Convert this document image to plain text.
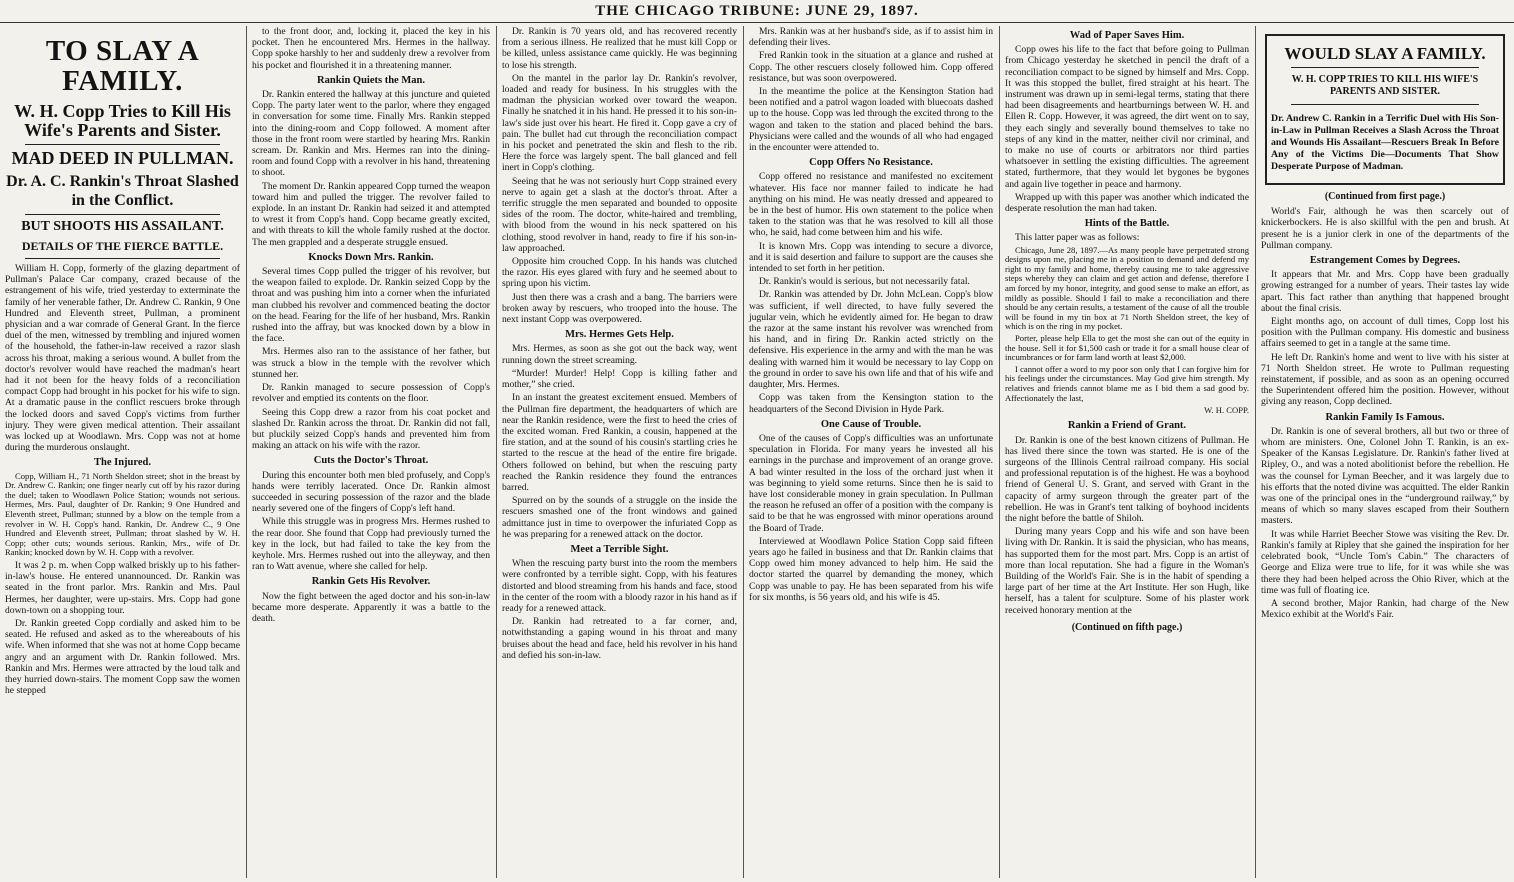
THE CHICAGO TRIBUNE: JUNE 29, 1897.
TO SLAY A FAMILY.
W. H. Copp Tries to Kill His Wife's Parents and Sister.
MAD DEED IN PULLMAN.
Dr. A. C. Rankin's Throat Slashed in the Conflict.
BUT SHOOTS HIS ASSAILANT.
DETAILS OF THE FIERCE BATTLE.

William H. Copp, formerly of the glazing department of Pullman's Palace Car company, crazed because of the estrangement of his wife, tried yesterday to exterminate the family of her venerable father, Dr. Andrew C. Rankin, 9 One Hundred and Eleventh street, Pullman, a prominent physician and a war comrade of General Grant. In the fierce duel of the men, witnessed by trembling and injured women of the household, the father-in-law received a razor slash across his throat, making a serious wound. A bullet from the doctor's revolver would have reached the madman's heart had it not been for the heavy folds of a reconciliation compact Copp had brought in his pocket for his wife to sign. At a dramatic pause in the conflict rescuers broke through the locked doors and saved Copp's victims from further injury. They were given medical attention. Their assailant was locked up at Woodlawn. Mrs. Copp was not at home during the murderous onslaught.

The Injured.

Copp, William H., 71 North Sheldon street; shot in the breast by Dr. Andrew C. Rankin; one finger nearly cut off by his razor during the duel; taken to Woodlawn Police Station; wounds not serious. Hermes, Mrs. Paul, daughter of Dr. Rankin; 9 One Hundred and Eleventh street, Pullman; stunned by a blow on the temple from a revolver in W. H. Copp's hand. Rankin, Dr. Andrew C., 9 One Hundred and Eleventh street, Pullman; throat slashed by W. H. Copp; other cuts; wounds serious. Rankin, Mrs., wife of Dr. Rankin; knocked down by W. H. Copp with a revolver.

It was 2 p. m. when Copp walked briskly up to his father-in-law's house. He entered unannounced. Dr. Rankin was seated in the front parlor. Mrs. Rankin and Mrs. Paul Hermes, her daughter, were up-stairs. Mrs. Copp had gone down-town on a shopping tour.

Dr. Rankin greeted Copp cordially and asked him to be seated. He refused and asked as to the whereabouts of his wife. When informed that she was not at home Copp became angry and an argument with Dr. Rankin followed. Mrs. Rankin and Mrs. Hermes were attracted by the loud talk and they hurried down-stairs. The moment Copp saw the women he stepped

to the front door, and, locking it, placed the key in his pocket. Then he encountered Mrs. Hermes in the hallway. Copp spoke harshly to her and suddenly drew a revolver from his pocket and flourished it in a threatening manner.

Rankin Quiets the Man.

Dr. Rankin entered the hallway at this juncture and quieted Copp. The party later went to the parlor, where they engaged in conversation for some time. Finally Mrs. Rankin stepped into the dining-room and Copp followed. A moment after those in the front room were startled by hearing Mrs. Rankin scream. Dr. Rankin and Mrs. Hermes ran into the dining-room and found Copp with a revolver in his hand, threatening to shoot.

The moment Dr. Rankin appeared Copp turned the weapon toward him and pulled the trigger. The revolver failed to explode. In an instant Dr. Rankin had seized it and attempted to wrest it from Copp's hand. Copp became greatly excited, and with threats to kill the whole family rushed at the doctor. The men grappled and a desperate struggle ensued.

Knocks Down Mrs. Rankin.

Several times Copp pulled the trigger of his revolver, but the weapon failed to explode. Dr. Rankin seized Copp by the throat and was pushing him into a corner when the infuriated man clubbed his revolver and commenced beating the doctor on the head. Fearing for the life of her husband, Mrs. Rankin rushed into the affray, but was knocked down by a blow in the face.

Mrs. Hermes also ran to the assistance of her father, but was struck a blow in the temple with the revolver which stunned her.

Dr. Rankin managed to secure possession of Copp's revolver and emptied its contents on the floor.

Seeing this Copp drew a razor from his coat pocket and slashed Dr. Rankin across the throat. Dr. Rankin did not fall, but pluckily seized Copp's hands and prevented him from making an attack on his wife with the razor.

Cuts the Doctor's Throat.

During this encounter both men bled profusely, and Copp's hands were terribly lacerated. Once Dr. Rankin almost succeeded in securing possession of the razor and the blade nearly severed one of the fingers of Copp's left hand.

While this struggle was in progress Mrs. Hermes rushed to the rear door. She found that Copp had previously turned the key in the lock, but had failed to take the key from the keyhole. Mrs. Hermes rushed out into the alleyway, and then ran to Watt avenue, where she called for help.

Rankin Gets His Revolver.

Now the fight between the aged doctor and his son-in-law became more desperate. Apparently it was a battle to the death.

Dr. Rankin is 70 years old, and has recovered recently from a serious illness. He realized that he must kill Copp or be killed, unless assistance came quickly. He was beginning to lose his strength.

On the mantel in the parlor lay Dr. Rankin's revolver, loaded and ready for business. In his struggles with the madman the physician worked over toward the weapon. Finally he snatched it in his hand. He pressed it to his son-in-law's side just over his heart. He fired it. Copp gave a cry of pain. The bullet had cut through the reconciliation compact in his pocket and penetrated the skin and flesh to the rib. Here the force was largely spent. The ball glanced and fell inert in Copp's clothing.

Seeing that he was not seriously hurt Copp strained every nerve to again get a slash at the doctor's throat. After a terrific struggle the men separated and bounded to opposite sides of the room. The doctor, white-haired and trembling, with blood from the wound in his neck spattered on his clothing, stood revolver in hand, ready to fire if his son-in-law approached.

Opposite him crouched Copp. In his hands was clutched the razor. His eyes glared with fury and he seemed about to spring upon his victim.

Just then there was a crash and a bang. The barriers were broken away by rescuers, who trooped into the house. The next instant Copp was overpowered.

Mrs. Hermes Gets Help.

Mrs. Hermes, as soon as she got out the back way, went running down the street screaming.

“Murder! Murder! Help! Copp is killing father and mother,” she cried.

In an instant the greatest excitement ensued. Members of the Pullman fire department, the headquarters of which are near the Rankin residence, were the first to heed the cries of the excited woman. Fred Rankin, a cousin, happened at the fire station, and at the sound of his cousin's startling cries he started to the rescue at the head of the entire fire brigade. Others followed on behind, but when the rescuing party reached the Rankin residence they found the entrances barred.

Spurred on by the sounds of a struggle on the inside the rescuers smashed one of the front windows and gained admittance just in time to overpower the infuriated Copp as he was preparing for a renewed attack on the doctor.

Meet a Terrible Sight.

When the rescuing party burst into the room the members were confronted by a terrible sight. Copp, with his features distorted and blood streaming from his hands and face, stood in the center of the room with a bloody razor in his hand as if ready for a renewed attack.

Dr. Rankin had retreated to a far corner, and, notwithstanding a gaping wound in his throat and many bruises about the head and face, held his revolver in his hand and defied his son-in-law.

Mrs. Rankin was at her husband's side, as if to assist him in defending their lives.

Fred Rankin took in the situation at a glance and rushed at Copp. The other rescuers closely followed him. Copp offered resistance, but was soon overpowered.

In the meantime the police at the Kensington Station had been notified and a patrol wagon loaded with bluecoats dashed up to the house. Copp was led through the excited throng to the wagon and taken to the station and placed behind the bars. Physicians were called and the wounds of all who had engaged in the encounter were attended to.

Copp Offers No Resistance.

Copp offered no resistance and manifested no excitement whatever. His face nor manner failed to indicate he had anything on his mind. He was neatly dressed and appeared to be in the best of humor. His own statement to the police when taken to the station was that he was resolved to kill all those who, he said, had come between him and his wife.

It is known Mrs. Copp was intending to secure a divorce, and it is said desertion and failure to support are the causes she intended to set forth in her petition.

Dr. Rankin's would is serious, but not necessarily fatal.

Dr. Rankin was attended by Dr. John McLean. Copp's blow was sufficient, if well directed, to have fully severed the jugular vein, which he evidently aimed for. He began to draw the razor at the same instant his revolver was wrenched from his hand, and in firing Dr. Rankin acted strictly on the defensive. His experience in the army and with the man he was dealing with warned him it would be necessary to lay Copp on the ground in order to save his own life and that of his wife and daughter, Mrs. Hermes.

Copp was taken from the Kensington station to the headquarters of the Second Division in Hyde Park.

One Cause of Trouble.

One of the causes of Copp's difficulties was an unfortunate speculation in Florida. For many years he invested all his earnings in the purchase and improvement of an orange grove. A bad winter resulted in the loss of the orchard just when it was beginning to yield some returns. Since then he is said to have lost considerable money in grain speculation. In Pullman the reason he refused an offer of a position with the company is said to be that he was engrossed with minor operations around the Board of Trade.

Interviewed at Woodlawn Police Station Copp said fifteen years ago he failed in business and that Dr. Rankin claims that Copp owed him money advanced to help him. He said the doctor started the quarrel by demanding the money, which Copp was unable to pay. He has been separated from his wife for six months, is 56 years old, and his wife is 45.

Wad of Paper Saves Him.

Copp owes his life to the fact that before going to Pullman from Chicago yesterday he sketched in pencil the draft of a reconciliation compact to be signed by himself and Mrs. Copp. It was this stopped the bullet, fired straight at his heart. The instrument was drawn up in semi-legal terms, stating that there had been disagreements and heartburnings between W. H. and Ellen R. Copp. However, it was agreed, the dirt went on to say, they each singly and severally bound themselves to take no steps of any kind in the matter, neither civil nor criminal, and to make no use of courts or arbitrators nor third parties whatsoever in settling the existing difficulties. The agreement stated, furthermore, that they would let bygones be bygones and again live together in peace and harmony.

Wrapped up with this paper was another which indicated the desperate resolution the man had taken.

Hints of the Battle.

This latter paper was as follows:

Chicago, June 28, 1897.—As many people have perpetrated strong designs upon me, placing me in a position to demand and defend my right to my family and home, thereby causing me to take aggressive steps whereby they can claim and get action and defense, therefore I am forced by my honor, integrity, and good sense to make an effort, as mildly as possible. Should I fail to make a reconciliation and there should be any certain results, a testament of the cause of all the trouble will be found in my tin box at 71 North Sheldon street, the key of which is on the ring in my pocket.

Porter, please help Ella to get the most she can out of the equity in the house. Sell it for $1,500 cash or trade it for a small house clear of incumbrances or for farm land worth at least $2,000.

I cannot offer a word to my poor son only that I can forgive him for his feelings under the circumstances. May God give him strength. My relatives and friends cannot blame me as I bid them a sad good by. Affectionately the last,

W. H. COPP.
Rankin a Friend of Grant.

Dr. Rankin is one of the best known citizens of Pullman. He has lived there since the town was started. He is one of the surgeons of the Illinois Central railroad company. His social and professional reputation is of the highest. He was a boyhood friend of General U. S. Grant, and served with Grant in the capacity of army surgeon through the greater part of the rebellion. He was in Grant's tent talking of boyhood incidents the night before the battle of Shiloh.

During many years Copp and his wife and son have been living with Dr. Rankin. It is said the physician, who has means, has supported them for the most part. Mrs. Copp is an artist of more than local reputation. She had a figure in the Woman's Building of the World's Fair. She is in the habit of spending a large part of her time at the Art Institute. Her son Hugh, like herself, has a talent for sculpture. Some of his plaster work received honorary mention at the

(Continued on fifth page.)
WOULD SLAY A FAMILY.
W. H. COPP TRIES TO KILL HIS WIFE'S PARENTS AND SISTER.
Dr. Andrew C. Rankin in a Terrific Duel with His Son-in-Law in Pullman Receives a Slash Across the Throat and Wounds His Assailant—Rescuers Break In Before Any of the Victims Die—Documents That Show Desperate Purpose of Madman.
(Continued from first page.)

World's Fair, although he was then scarcely out of knickerbockers. He is also skillful with the pen and brush. At present he is a junior clerk in one of the departments of the Pullman company.

Estrangement Comes by Degrees.

It appears that Mr. and Mrs. Copp have been gradually growing estranged for a number of years. Their tastes lay wide apart. This fact rather than anything that happened brought about the final crisis.

Eight months ago, on account of dull times, Copp lost his position with the Pullman company. His domestic and business affairs seemed to get in a tangle at the same time.

He left Dr. Rankin's home and went to live with his sister at 71 North Sheldon street. He wrote to Pullman requesting reinstatement, if possible, and as soon as an opening occurred the Superintendent offered him the position. However, without giving any reason, Copp declined.

Rankin Family Is Famous.

Dr. Rankin is one of several brothers, all but two or three of whom are ministers. One, Colonel John T. Rankin, is an ex-Speaker of the Kansas Legislature. Dr. Rankin's father lived at Ripley, O., and was a noted abolitionist before the rebellion. He was the counsel for Lyman Beecher, and it was largely due to his efforts that the noted divine was acquitted. The elder Rankin was one of the principal ones in the “underground railway,” by means of which so many slaves escaped from their Southern masters.

It was while Harriet Beecher Stowe was visiting the Rev. Dr. Rankin's family at Ripley that she gained the inspiration for her celebrated book, “Uncle Tom's Cabin.” The characters of George and Eliza were true to life, for it was while she was there they had been helped across the Ohio River, which at the time was full of floating ice.

A second brother, Major Rankin, had charge of the New Mexico exhibit at the World's Fair.
